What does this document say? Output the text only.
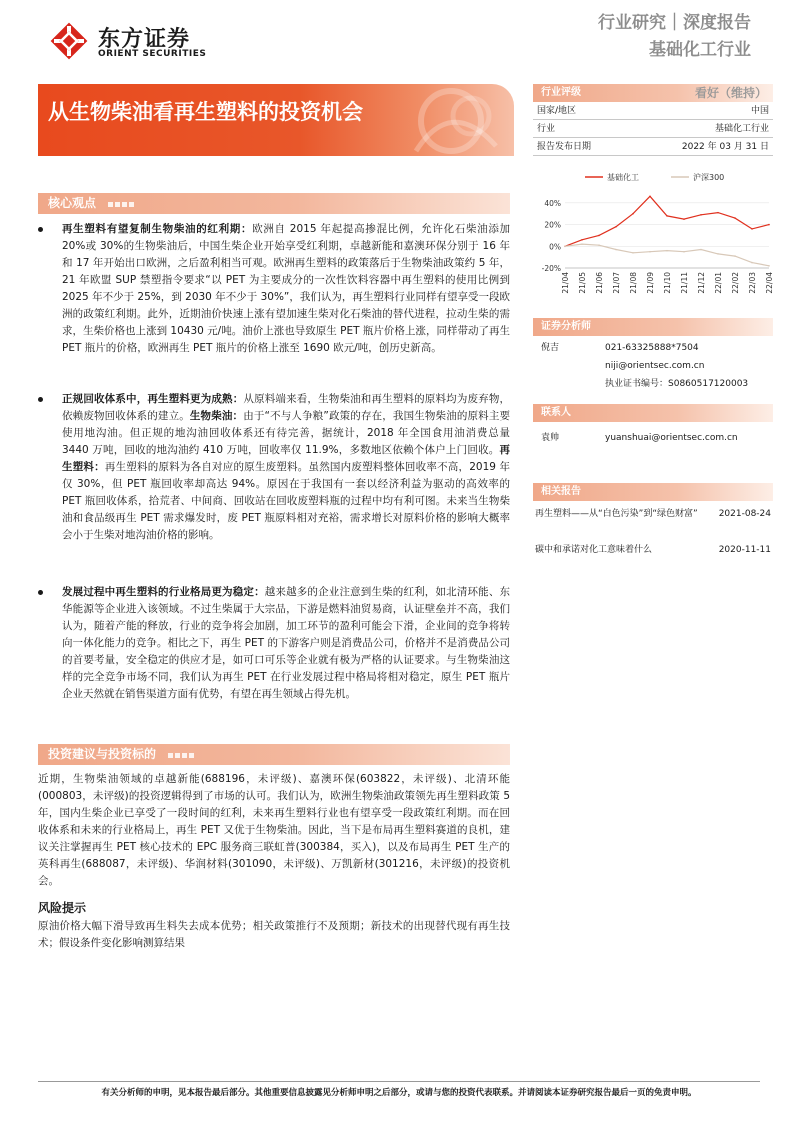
东方证券
ORIENT SECURITIES
行业研究｜深度报告
基础化工行业
从生物柴油看再生塑料的投资机会
核心观点
再生塑料有望复制生物柴油的红利期：欧洲自 2015 年起提高掺混比例，允许化石柴油添加 20%或 30%的生物柴油后，中国生柴企业开始享受红利期，卓越新能和嘉澳环保分别于 16 年和 17 年开始出口欧洲，之后盈利相当可观。欧洲再生塑料的政策落后于生物柴油政策约 5 年，21 年欧盟 SUP 禁塑指令要求“以 PET 为主要成分的一次性饮料容器中再生塑料的使用比例到 2025 年不少于 25%，到 2030 年不少于 30%”，我们认为，再生塑料行业同样有望享受一段欧洲的政策红利期。此外，近期油价快速上涨有望加速生柴对化石柴油的替代进程，拉动生柴的需求，生柴价格也上涨到 10430 元/吨。油价上涨也导致原生 PET 瓶片价格上涨，同样带动了再生 PET 瓶片的价格，欧洲再生 PET 瓶片的价格上涨至 1690 欧元/吨，创历史新高。
正规回收体系中，再生塑料更为成熟：从原料端来看，生物柴油和再生塑料的原料均为废弃物，依赖废物回收体系的建立。生物柴油：由于“不与人争粮”政策的存在，我国生物柴油的原料主要使用地沟油。但正规的地沟油回收体系还有待完善，据统计，2018 年全国食用油消费总量 3440 万吨，回收的地沟油约 410 万吨，回收率仅 11.9%，多数地区依赖个体户上门回收。再生塑料：再生塑料的原料为各自对应的原生废塑料。虽然国内废塑料整体回收率不高，2019 年仅 30%，但 PET 瓶回收率却高达 94%。原因在于我国有一套以经济利益为驱动的高效率的 PET 瓶回收体系，拾荒者、中间商、回收站在回收废塑料瓶的过程中均有利可图。未来当生物柴油和食品级再生 PET 需求爆发时，废 PET 瓶原料相对充裕，需求增长对原料价格的影响大概率会小于生柴对地沟油价格的影响。
发展过程中再生塑料的行业格局更为稳定：越来越多的企业注意到生柴的红利，如北清环能、东华能源等企业进入该领域。不过生柴属于大宗品，下游是燃料油贸易商，认证壁垒并不高，我们认为，随着产能的释放，行业的竞争将会加剧，加工环节的盈利可能会下滑，企业间的竞争将转向一体化能力的竞争。相比之下，再生 PET 的下游客户则是消费品公司，价格并不是消费品公司的首要考量，安全稳定的供应才是，如可口可乐等企业就有极为严格的认证要求。与生物柴油这样的完全竞争市场不同，我们认为再生 PET 在行业发展过程中格局将相对稳定，原生 PET 瓶片企业天然就在销售渠道方面有优势，有望在再生领域占得先机。
投资建议与投资标的
近期，生物柴油领域的卓越新能(688196，未评级)、嘉澳环保(603822，未评级)、北清环能(000803，未评级)的投资逻辑得到了市场的认可。我们认为，欧洲生物柴油政策领先再生塑料政策 5 年，国内生柴企业已享受了一段时间的红利，未来再生塑料行业也有望享受一段政策红利期。而在回收体系和未来的行业格局上，再生 PET 又优于生物柴油。因此，当下是布局再生塑料赛道的良机，建议关注掌握再生 PET 核心技术的 EPC 服务商三联虹普(300384，买入)，以及布局再生 PET 生产的英科再生(688087，未评级)、华润材料(301090，未评级)、万凯新材(301216，未评级)的投资机会。
风险提示
原油价格大幅下滑导致再生料失去成本优势；相关政策推行不及预期；新技术的出现替代现有再生技术；假设条件变化影响测算结果
行业评级	看好（维持）
国家/地区	中国
行业	基础化工行业
报告发布日期	2022 年 03 月 31 日
基础化工	沪深300
40%
20%
0%
-20%
21/04 21/05 21/06 21/07 21/08 21/09 21/10 21/11 21/12 22/01 22/02 22/03 22/04
证券分析师
倪吉	021-63325888*7504
niji@orientsec.com.cn
执业证书编号：S0860517120003
联系人
袁帅	yuanshuai@orientsec.com.cn
相关报告
再生塑料——从“白色污染”到“绿色财富”	2021-08-24
碳中和承诺对化工意味着什么	2020-11-11
有关分析师的申明，见本报告最后部分。其他重要信息披露见分析师申明之后部分，或请与您的投资代表联系。并请阅读本证券研究报告最后一页的免责申明。
